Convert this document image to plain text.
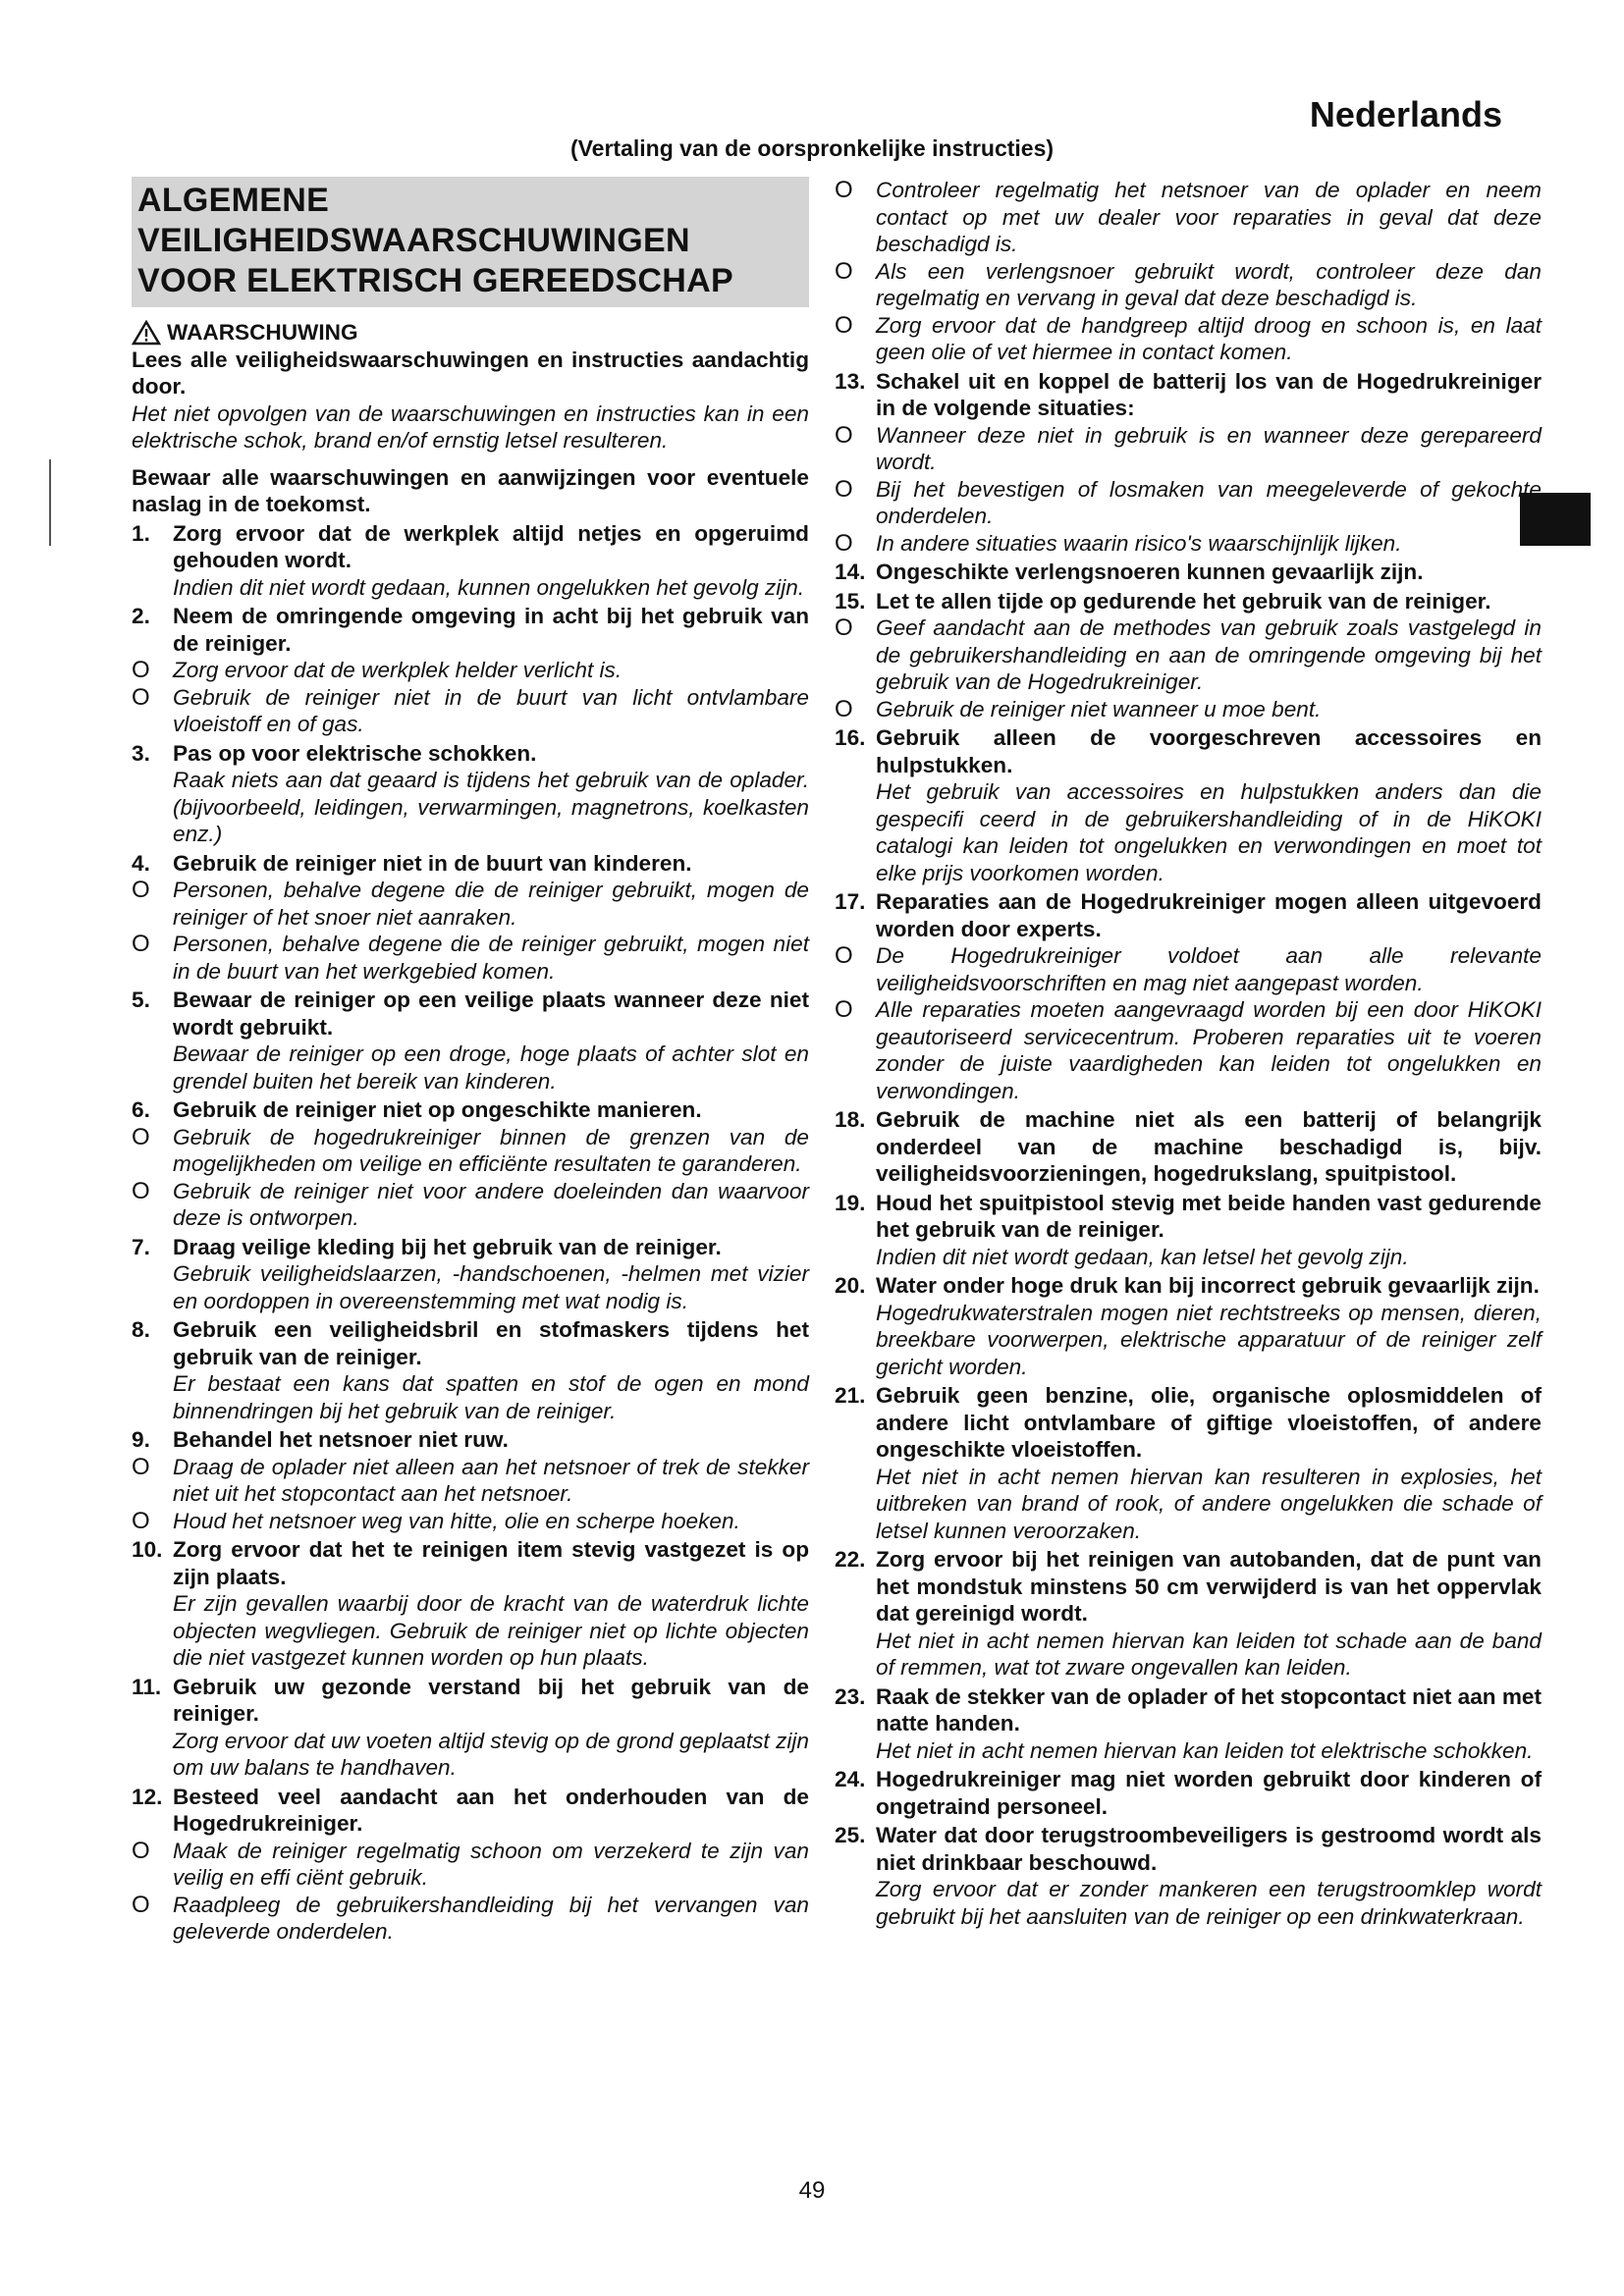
Nederlands
(Vertaling van de oorspronkelijke instructies)
ALGEMENE
VEILIGHEIDSWAARSCHUWINGEN
VOOR ELEKTRISCH GEREEDSCHAP
WAARSCHUWING

Lees alle veiligheidswaarschuwingen en instructies aandachtig door.

Het niet opvolgen van de waarschuwingen en instructies kan in een elektrische schok, brand en/of ernstig letsel resulteren.

Bewaar alle waarschuwingen en aanwijzingen voor eventuele naslag in de toekomst.

1.	Zorg ervoor dat de werkplek altijd netjes en opgeruimd gehouden wordt.

Indien dit niet wordt gedaan, kunnen ongelukken het gevolg zijn.

2.	Neem de omringende omgeving in acht bij het gebruik van de reiniger.
O	Zorg ervoor dat de werkplek helder verlicht is.
O	Gebruik de reiniger niet in de buurt van licht ontvlambare vloeistoff en of gas.
3.	Pas op voor elektrische schokken.

Raak niets aan dat geaard is tijdens het gebruik van de oplader. (bijvoorbeeld, leidingen, verwarmingen, magnetrons, koelkasten enz.)

4.	Gebruik de reiniger niet in de buurt van kinderen.
O	Personen, behalve degene die de reiniger gebruikt, mogen de reiniger of het snoer niet aanraken.
O	Personen, behalve degene die de reiniger gebruikt, mogen niet in de buurt van het werkgebied komen.
5.	Bewaar de reiniger op een veilige plaats wanneer deze niet wordt gebruikt.

Bewaar de reiniger op een droge, hoge plaats of achter slot en grendel buiten het bereik van kinderen.

6.	Gebruik de reiniger niet op ongeschikte manieren.
O	Gebruik de hogedrukreiniger binnen de grenzen van de mogelijkheden om veilige en efficiënte resultaten te garanderen.
O	Gebruik de reiniger niet voor andere doeleinden dan waarvoor deze is ontworpen.
7.	Draag veilige kleding bij het gebruik van de reiniger.

Gebruik veiligheidslaarzen, -handschoenen, -helmen met vizier en oordoppen in overeenstemming met wat nodig is.

8.	Gebruik een veiligheidsbril en stofmaskers tijdens het gebruik van de reiniger.

Er bestaat een kans dat spatten en stof de ogen en mond binnendringen bij het gebruik van de reiniger.

9.	Behandel het netsnoer niet ruw.
O	Draag de oplader niet alleen aan het netsnoer of trek de stekker niet uit het stopcontact aan het netsnoer.
O	Houd het netsnoer weg van hitte, olie en scherpe hoeken.
10. Zorg ervoor dat het te reinigen item stevig vastgezet is op zijn plaats.

Er zijn gevallen waarbij door de kracht van de waterdruk lichte objecten wegvliegen. Gebruik de reiniger niet op lichte objecten die niet vastgezet kunnen worden op hun plaats.

11. Gebruik uw gezonde verstand bij het gebruik van de reiniger.

Zorg ervoor dat uw voeten altijd stevig op de grond geplaatst zijn om uw balans te handhaven.

12. Besteed veel aandacht aan het onderhouden van de Hogedrukreiniger.
O	Maak de reiniger regelmatig schoon om verzekerd te zijn van veilig en effi ciënt gebruik.
O	Raadpleeg de gebruikershandleiding bij het vervangen van geleverde onderdelen.
O	Controleer regelmatig het netsnoer van de oplader en neem contact op met uw dealer voor reparaties in geval dat deze beschadigd is.
O	Als een verlengsnoer gebruikt wordt, controleer deze dan regelmatig en vervang in geval dat deze beschadigd is.
O	Zorg ervoor dat de handgreep altijd droog en schoon is, en laat geen olie of vet hiermee in contact komen.
13. Schakel uit en koppel de batterij los van de Hogedrukreiniger in de volgende situaties:
O	Wanneer deze niet in gebruik is en wanneer deze gerepareerd wordt.
O	Bij het bevestigen of losmaken van meegeleverde of gekochte onderdelen.
O	In andere situaties waarin risico's waarschijnlijk lijken.
14. Ongeschikte verlengsnoeren kunnen gevaarlijk zijn.
15. Let te allen tijde op gedurende het gebruik van de reiniger.
O	Geef aandacht aan de methodes van gebruik zoals vastgelegd in de gebruikershandleiding en aan de omringende omgeving bij het gebruik van de Hogedrukreiniger.
O	Gebruik de reiniger niet wanneer u moe bent.
16. Gebruik alleen de voorgeschreven accessoires en hulpstukken.

Het gebruik van accessoires en hulpstukken anders dan die gespecifi ceerd in de gebruikershandleiding of in de HiKOKI catalogi kan leiden tot ongelukken en verwondingen en moet tot elke prijs voorkomen worden.

17. Reparaties aan de Hogedrukreiniger mogen alleen uitgevoerd worden door experts.
O	De Hogedrukreiniger voldoet aan alle relevante veiligheidsvoorschriften en mag niet aangepast worden.
O	Alle reparaties moeten aangevraagd worden bij een door HiKOKI geautoriseerd servicecentrum. Proberen reparaties uit te voeren zonder de juiste vaardigheden kan leiden tot ongelukken en verwondingen.
18. Gebruik de machine niet als een batterij of belangrijk onderdeel van de machine beschadigd is, bijv. veiligheidsvoorzieningen, hogedrukslang, spuitpistool.
19. Houd het spuitpistool stevig met beide handen vast gedurende het gebruik van de reiniger.

Indien dit niet wordt gedaan, kan letsel het gevolg zijn.

20. Water onder hoge druk kan bij incorrect gebruik gevaarlijk zijn.

Hogedrukwaterstralen mogen niet rechtstreeks op mensen, dieren, breekbare voorwerpen, elektrische apparatuur of de reiniger zelf gericht worden.

21. Gebruik geen benzine, olie, organische oplosmiddelen of andere licht ontvlambare of giftige vloeistoffen, of andere ongeschikte vloeistoffen.

Het niet in acht nemen hiervan kan resulteren in explosies, het uitbreken van brand of rook, of andere ongelukken die schade of letsel kunnen veroorzaken.

22. Zorg ervoor bij het reinigen van autobanden, dat de punt van het mondstuk minstens 50 cm verwijderd is van het oppervlak dat gereinigd wordt.

Het niet in acht nemen hiervan kan leiden tot schade aan de band of remmen, wat tot zware ongevallen kan leiden.

23. Raak de stekker van de oplader of het stopcontact niet aan met natte handen.

Het niet in acht nemen hiervan kan leiden tot elektrische schokken.

24. Hogedrukreiniger mag niet worden gebruikt door kinderen of ongetraind personeel.
25. Water dat door terugstroombeveiligers is gestroomd wordt als niet drinkbaar beschouwd.

Zorg ervoor dat er zonder mankeren een terugstroomklep wordt gebruikt bij het aansluiten van de reiniger op een drinkwaterkraan.

49
